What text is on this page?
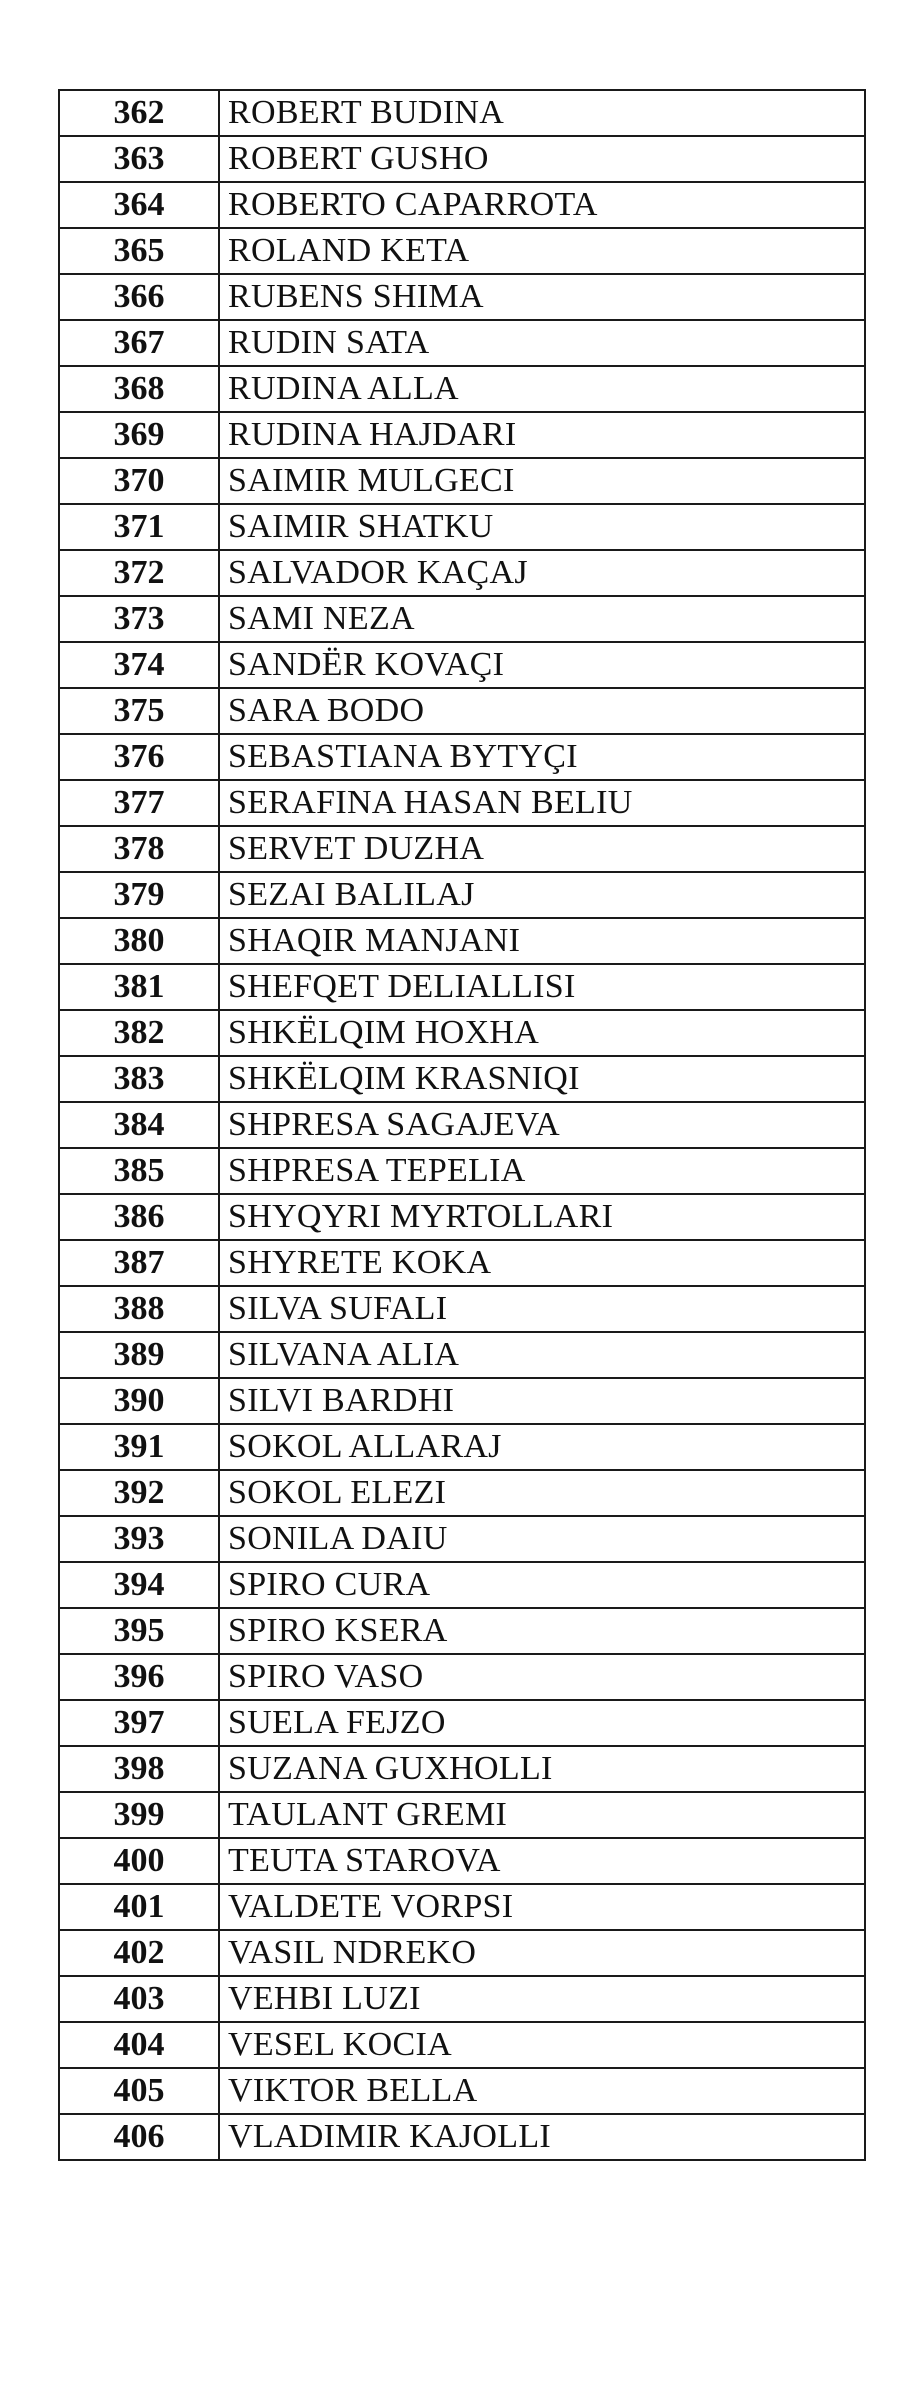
362	ROBERT BUDINA
363	ROBERT GUSHO
364	ROBERTO CAPARROTA
365	ROLAND KETA
366	RUBENS SHIMA
367	RUDIN SATA
368	RUDINA ALLA
369	RUDINA HAJDARI
370	SAIMIR MULGECI
371	SAIMIR SHATKU
372	SALVADOR KAÇAJ
373	SAMI NEZA
374	SANDËR KOVAÇI
375	SARA BODO
376	SEBASTIANA BYTYÇI
377	SERAFINA HASAN BELIU
378	SERVET DUZHA
379	SEZAI BALILAJ
380	SHAQIR MANJANI
381	SHEFQET DELIALLISI
382	SHKËLQIM HOXHA
383	SHKËLQIM KRASNIQI
384	SHPRESA SAGAJEVA
385	SHPRESA TEPELIA
386	SHYQYRI MYRTOLLARI
387	SHYRETE KOKA
388	SILVA SUFALI
389	SILVANA ALIA
390	SILVI BARDHI
391	SOKOL ALLARAJ
392	SOKOL ELEZI
393	SONILA DAIU
394	SPIRO CURA
395	SPIRO KSERA
396	SPIRO VASO
397	SUELA FEJZO
398	SUZANA GUXHOLLI
399	TAULANT GREMI
400	TEUTA STAROVA
401	VALDETE VORPSI
402	VASIL NDREKO
403	VEHBI LUZI
404	VESEL KOCIA
405	VIKTOR BELLA
406	VLADIMIR KAJOLLI
